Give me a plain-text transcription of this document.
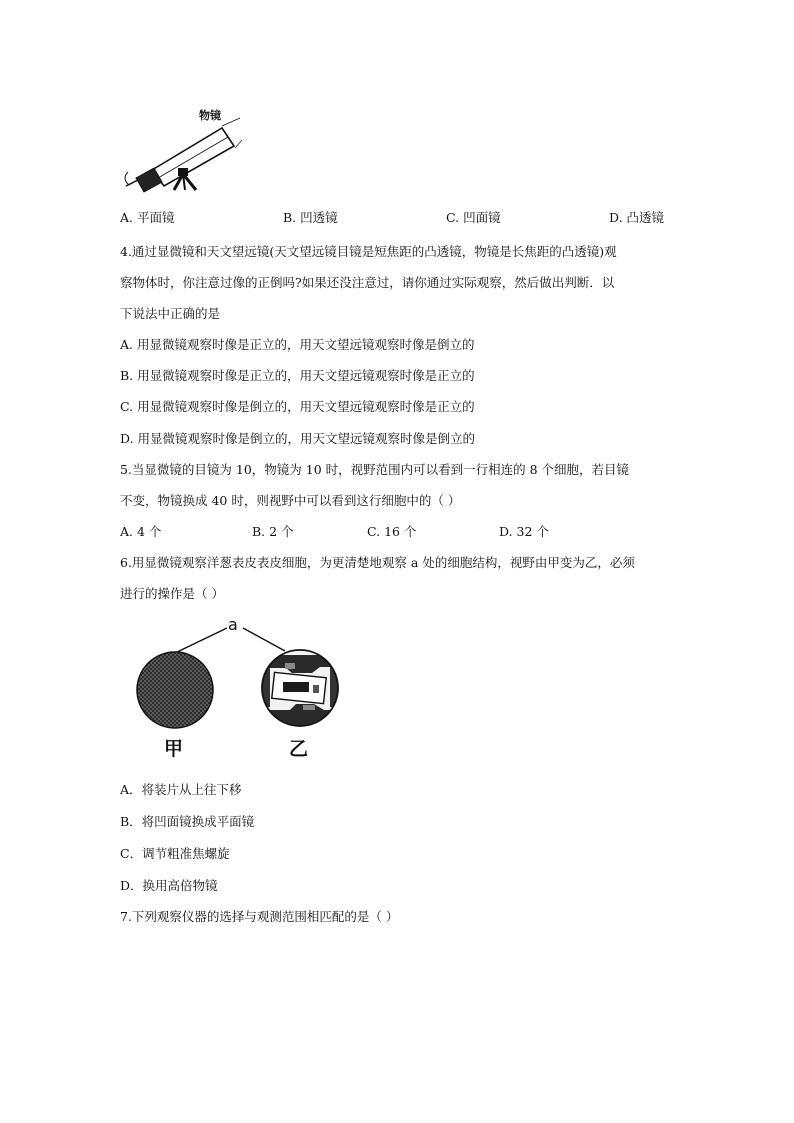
物镜
A. 平面镜	B. 凹透镜	C. 凹面镜	D. 凸透镜
4.通过显微镜和天文望远镜(天文望远镜目镜是短焦距的凸透镜，物镜是长焦距的凸透镜)观
察物体时，你注意过像的正倒吗?如果还没注意过，请你通过实际观察，然后做出判断．以
下说法中正确的是
A. 用显微镜观察时像是正立的，用天文望远镜观察时像是倒立的
B. 用显微镜观察时像是正立的，用天文望远镜观察时像是正立的
C. 用显微镜观察时像是倒立的，用天文望远镜观察时像是正立的
D. 用显微镜观察时像是倒立的，用天文望远镜观察时像是倒立的
5.当显微镜的目镜为 10，物镜为 10 时，视野范围内可以看到一行相连的 8 个细胞，若目镜
不变，物镜换成 40 时，则视野中可以看到这行细胞中的（ ）
A. 4 个	B. 2 个	C. 16 个	D. 32 个
6.用显微镜观察洋葱表皮表皮细胞，为更清楚地观察 a 处的细胞结构，视野由甲变为乙，必须
进行的操作是（ ）
a
甲	乙
A．将装片从上往下移
B．将凹面镜换成平面镜
C．调节粗准焦螺旋
D．换用高倍物镜
7.下列观察仪器的选择与观测范围相匹配的是（ ）
